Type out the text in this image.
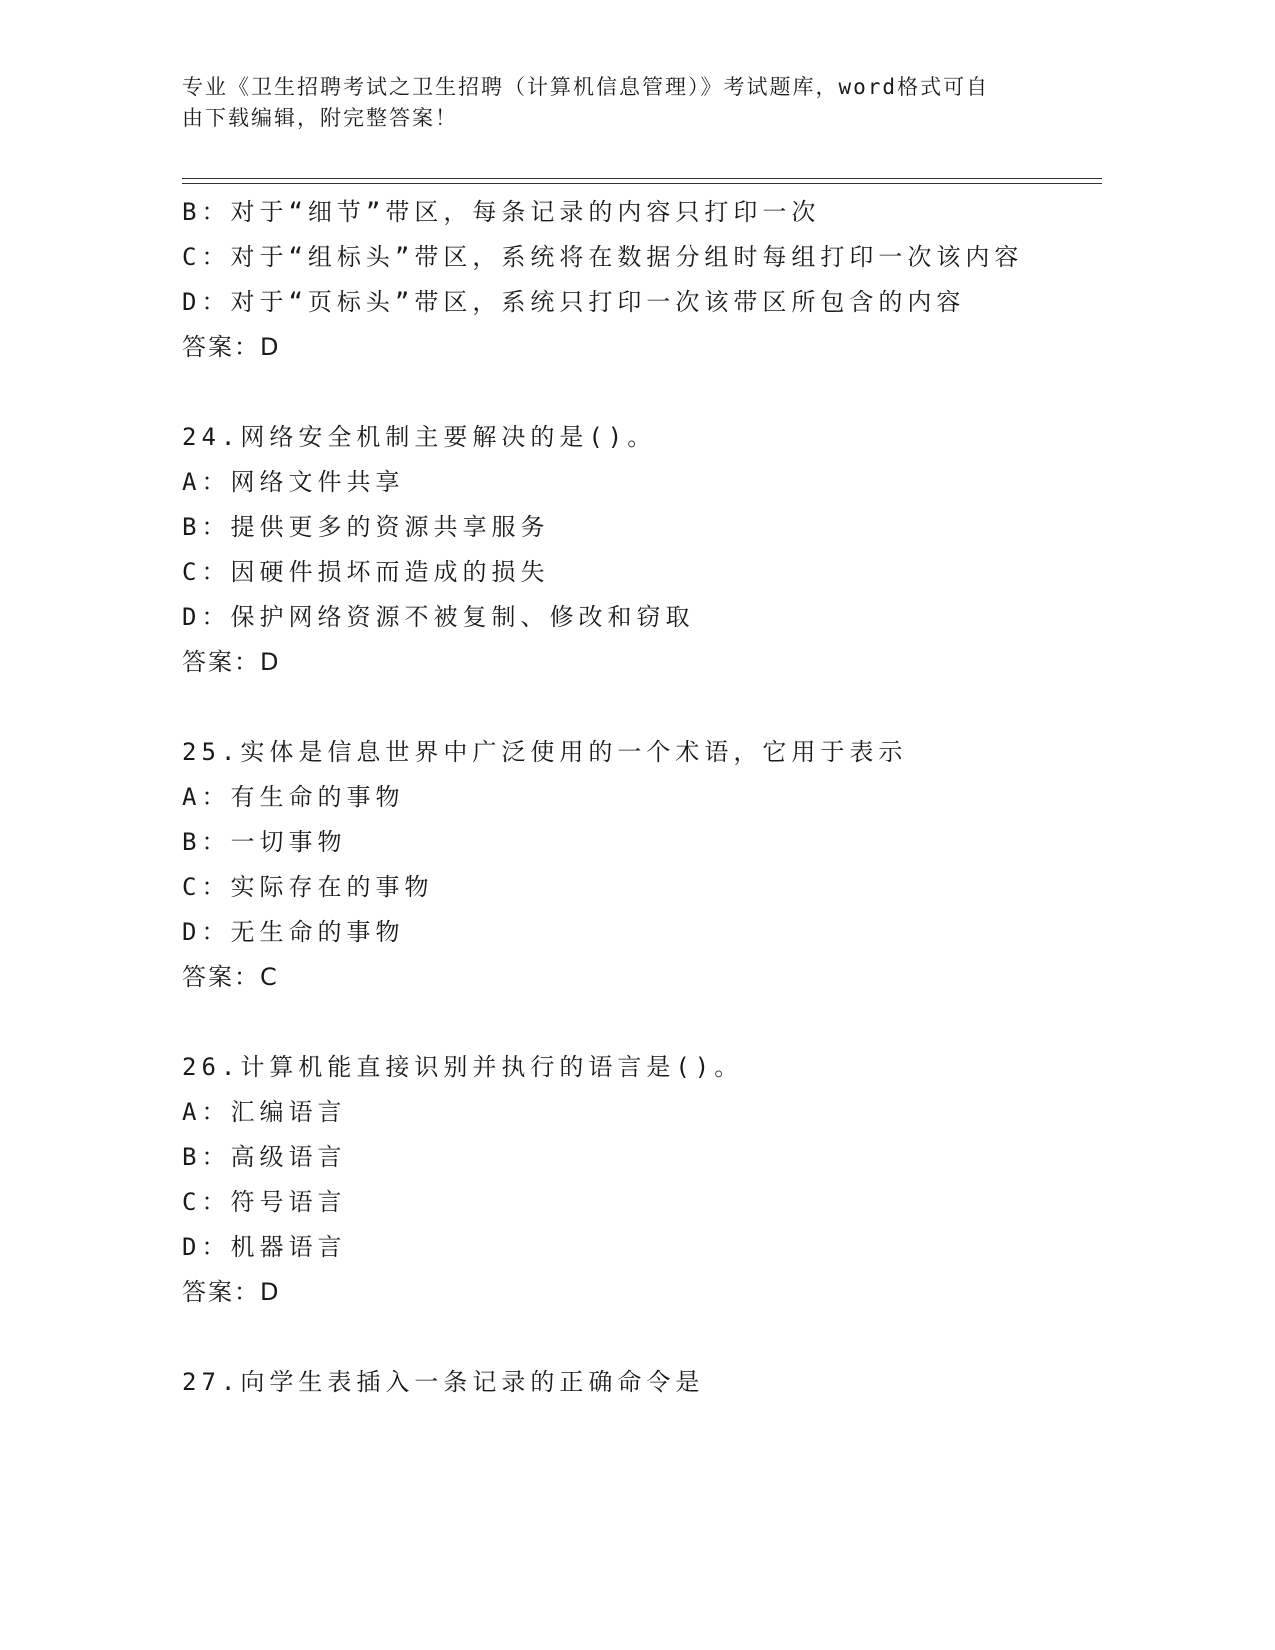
专业《卫生招聘考试之卫生招聘（计算机信息管理）》考试题库，word格式可自
由下载编辑，附完整答案！
B：对于“细节”带区，每条记录的内容只打印一次
C：对于“组标头”带区，系统将在数据分组时每组打印一次该内容
D：对于“页标头”带区，系统只打印一次该带区所包含的内容
答案：D
24.网络安全机制主要解决的是()。
A：网络文件共享
B：提供更多的资源共享服务
C：因硬件损坏而造成的损失
D：保护网络资源不被复制、修改和窃取
答案：D
25.实体是信息世界中广泛使用的一个术语，它用于表示
A：有生命的事物
B：一切事物
C：实际存在的事物
D：无生命的事物
答案：C
26.计算机能直接识别并执行的语言是()。
A：汇编语言
B：高级语言
C：符号语言
D：机器语言
答案：D
27.向学生表插入一条记录的正确命令是
